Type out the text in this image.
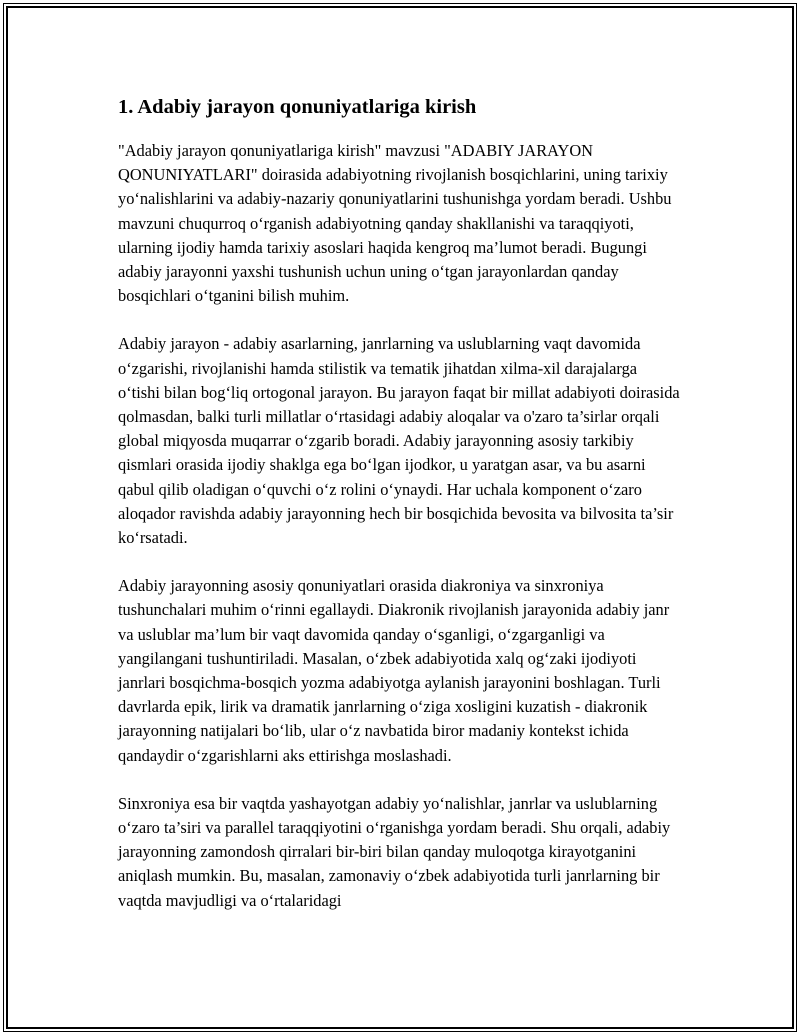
1. Adabiy jarayon qonuniyatlariga kirish

"Adabiy jarayon qonuniyatlariga kirish" mavzusi "ADABIY JARAYON QONUNIYATLARI" doirasida adabiyotning rivojlanish bosqichlarini, uning tarixiy yo‘nalishlarini va adabiy-nazariy qonuniyatlarini tushunishga yordam beradi. Ushbu mavzuni chuqurroq o‘rganish adabiyotning qanday shakllanishi va taraqqiyoti, ularning ijodiy hamda tarixiy asoslari haqida kengroq ma’lumot beradi. Bugungi adabiy jarayonni yaxshi tushunish uchun uning o‘tgan jarayonlardan qanday bosqichlari o‘tganini bilish muhim.

Adabiy jarayon - adabiy asarlarning, janrlarning va uslublarning vaqt davomida o‘zgarishi, rivojlanishi hamda stilistik va tematik jihatdan xilma-xil darajalarga o‘tishi bilan bog‘liq ortogonal jarayon. Bu jarayon faqat bir millat adabiyoti doirasida qolmasdan, balki turli millatlar o‘rtasidagi adabiy aloqalar va o'zaro ta’sirlar orqali global miqyosda muqarrar o‘zgarib boradi. Adabiy jarayonning asosiy tarkibiy qismlari orasida ijodiy shaklga ega bo‘lgan ijodkor, u yaratgan asar, va bu asarni qabul qilib oladigan o‘quvchi o‘z rolini o‘ynaydi. Har uchala komponent o‘zaro aloqador ravishda adabiy jarayonning hech bir bosqichida bevosita va bilvosita ta’sir ko‘rsatadi.

Adabiy jarayonning asosiy qonuniyatlari orasida diakroniya va sinxroniya tushunchalari muhim o‘rinni egallaydi. Diakronik rivojlanish jarayonida adabiy janr va uslublar ma’lum bir vaqt davomida qanday o‘sganligi, o‘zgarganligi va yangilangani tushuntiriladi. Masalan, o‘zbek adabiyotida xalq og‘zaki ijodiyoti janrlari bosqichma-bosqich yozma adabiyotga aylanish jarayonini boshlagan. Turli davrlarda epik, lirik va dramatik janrlarning o‘ziga xosligini kuzatish - diakronik jarayonning natijalari bo‘lib, ular o‘z navbatida biror madaniy kontekst ichida qandaydir o‘zgarishlarni aks ettirishga moslashadi.

Sinxroniya esa bir vaqtda yashayotgan adabiy yo‘nalishlar, janrlar va uslublarning o‘zaro ta’siri va parallel taraqqiyotini o‘rganishga yordam beradi. Shu orqali, adabiy jarayonning zamondosh qirralari bir-biri bilan qanday muloqotga kirayotganini aniqlash mumkin. Bu, masalan, zamonaviy o‘zbek adabiyotida turli janrlarning bir vaqtda mavjudligi va o‘rtalaridagi
